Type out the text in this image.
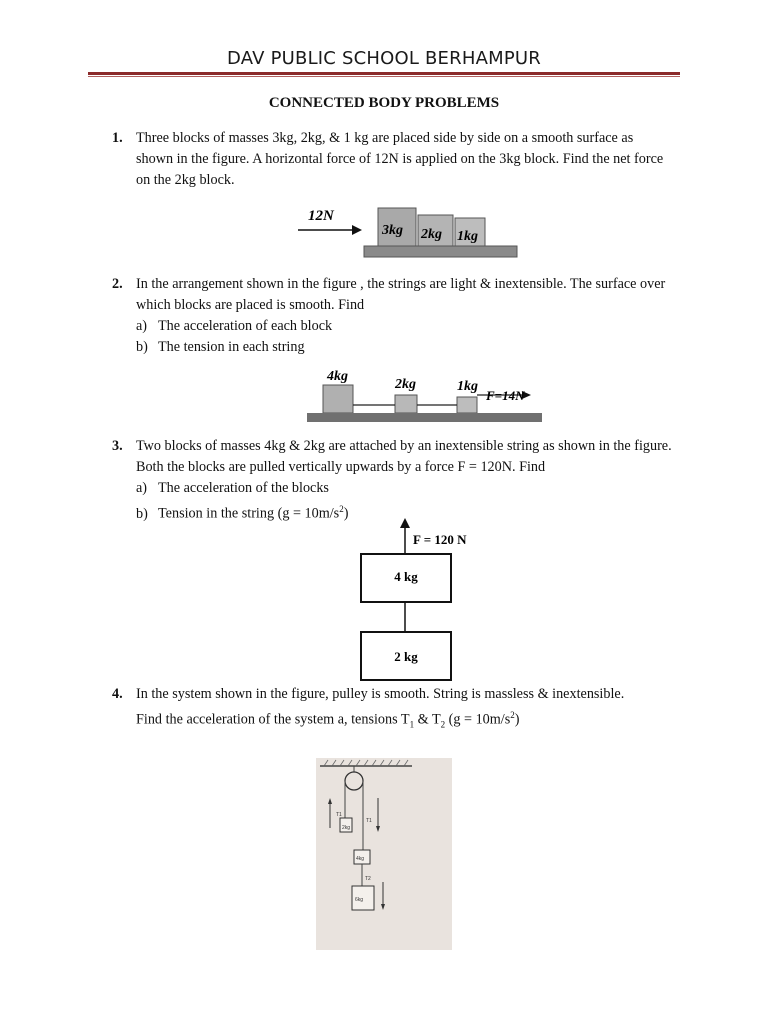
DAV PUBLIC SCHOOL BERHAMPUR
CONNECTED BODY PROBLEMS
1. Three blocks of masses 3kg, 2kg, & 1 kg are placed side by side on a smooth surface as shown in the figure. A horizontal force of 12N is applied on the 3kg block. Find the net force on the 2kg block.
12N
3kg 2kg 1kg
2. In the arrangement shown in the figure , the strings are light & inextensible. The surface over which blocks are placed is smooth. Find
a) The acceleration of each block
b) The tension in each string
4kg
2kg	1kg
F=14N
3. Two blocks of masses 4kg & 2kg are attached by an inextensible string as shown in the figure. Both the blocks are pulled vertically upwards by a force F = 120N. Find
a) The acceleration of the blocks
b) Tension in the string $(g = 10m/s^2)$
F = 120 N
4 kg
2 kg
4. In the system shown in the figure, pulley is smooth. String is massless & inextensible.
Find the acceleration of the system a, tensions $T_1$ & $T_2$ $(g = 10m/s^2)$
2kg
4kg
6kg
T1
T1
T2
